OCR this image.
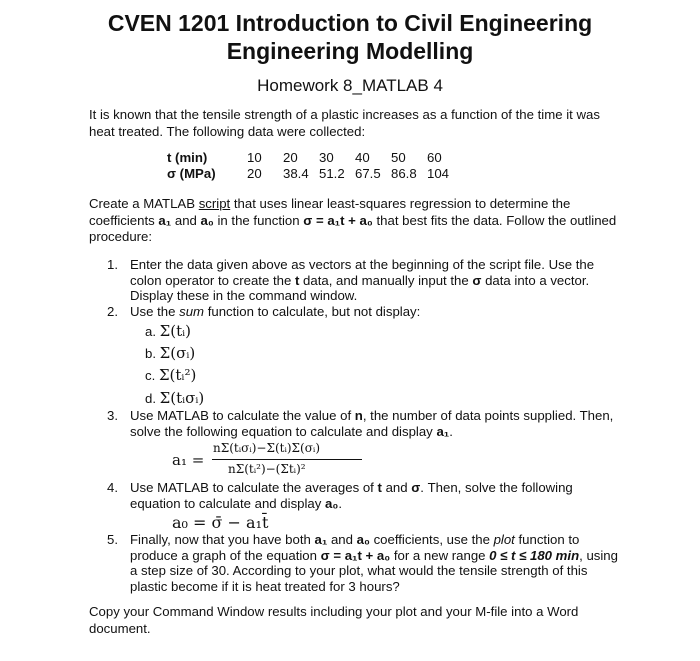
CVEN 1201 Introduction to Civil Engineering
Engineering Modelling
Homework 8_MATLAB 4
It is known that the tensile strength of a plastic increases as a function of the time it was heat treated. The following data were collected:
t (min)	10	20	30	40	50	60
σ (MPa)	20	38.4	51.2	67.5	86.8	104
Create a MATLAB script that uses linear least-squares regression to determine the coefficients a₁ and a₀ in the function σ = a₁t + a₀ that best fits the data. Follow the outlined procedure:
1. Enter the data given above as vectors at the beginning of the script file. Use the colon operator to create the t data, and manually input the σ data into a vector. Display these in the command window.
2. Use the sum function to calculate, but not display:
a. Σ(tᵢ)
b. Σ(σᵢ)
c. Σ(tᵢ²)
d. Σ(tᵢσᵢ)
3. Use MATLAB to calculate the value of n, the number of data points supplied. Then, solve the following equation to calculate and display a₁.
a₁ =
nΣ(tᵢσᵢ)−Σ(tᵢ)Σ(σᵢ)
nΣ(tᵢ²)−(Σtᵢ)²
4. Use MATLAB to calculate the averages of t and σ. Then, solve the following equation to calculate and display a₀.
a₀ = σ̄ − a₁t̄
5. Finally, now that you have both a₁ and a₀ coefficients, use the plot function to produce a graph of the equation σ = a₁t + a₀ for a new range 0 ≤ t ≤ 180 min, using a step size of 30. According to your plot, what would the tensile strength of this plastic become if it is heat treated for 3 hours?
Copy your Command Window results including your plot and your M-file into a Word document.
